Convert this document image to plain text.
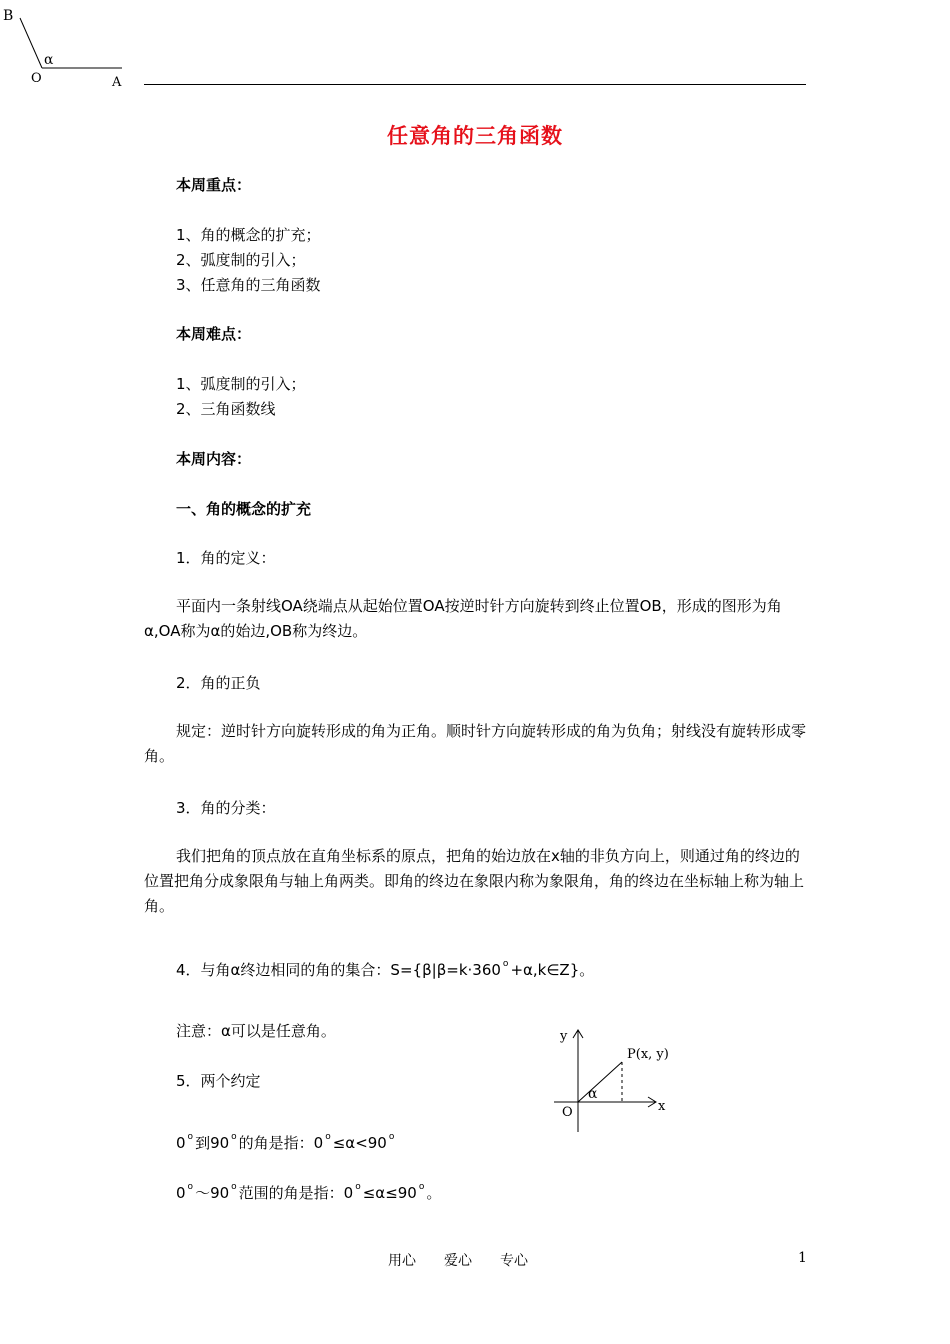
B
O	A
α
任意角的三角函数
本周重点：
1、角的概念的扩充；
2、弧度制的引入；
3、任意角的三角函数
本周难点：
1、弧度制的引入；
2、三角函数线
本周内容：
一、角的概念的扩充
1．角的定义：
平面内一条射线OA绕端点从起始位置OA按逆时针方向旋转到终止位置OB，形成的图形为角α,OA称为α的始边,OB称为终边。
2．角的正负
规定：逆时针方向旋转形成的角为正角。顺时针方向旋转形成的角为负角；射线没有旋转形成零角。
3．角的分类：
我们把角的顶点放在直角坐标系的原点，把角的始边放在x轴的非负方向上，则通过角的终边的位置把角分成象限角与轴上角两类。即角的终边在象限内称为象限角，角的终边在坐标轴上称为轴上角。
4．与角α终边相同的角的集合：S={β|β=k·360 $^o$ +α,k∈Z}。
注意：α可以是任意角。
5．两个约定
0 $^o$ 到90 $^o$ 的角是指：0 $^o$ ≤α<90 $^o$
0 $^o$ ～90 $^o$ 范围的角是指：0 $^o$ ≤α≤90 $^o$ 。
y
x
O
P(x, y)
α
用心 爱心 专心	1
